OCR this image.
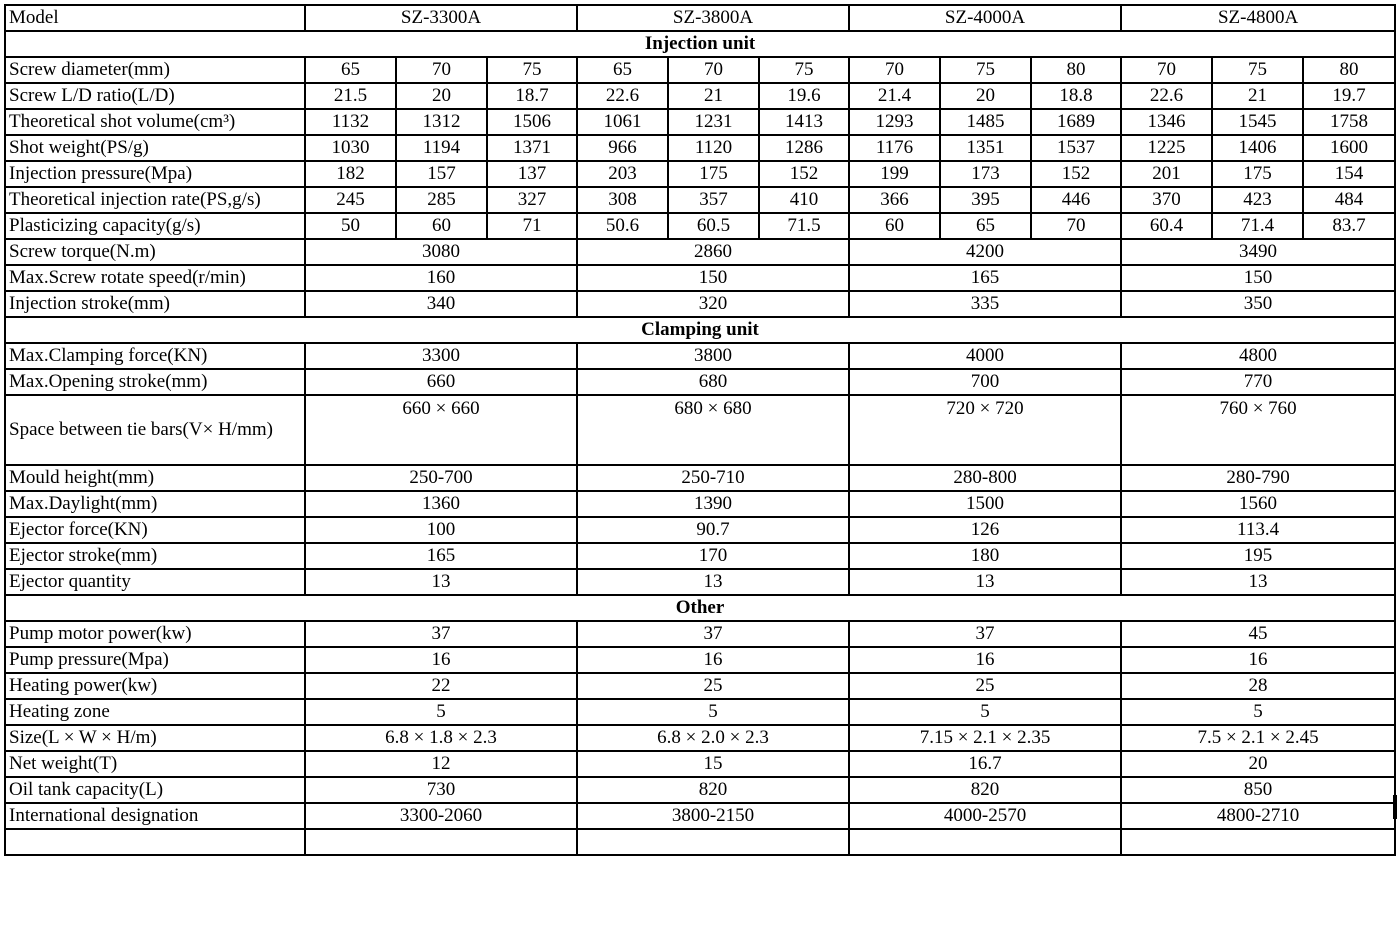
Model	SZ-3300A			SZ-3800A			SZ-4000A			SZ-4800A		
Injection unit												
Screw diameter(mm)	65	70	75	65	70	75	70	75	80	70	75	80
Screw L/D ratio(L/D)	21.5	20	18.7	22.6	21	19.6	21.4	20	18.8	22.6	21	19.7
Theoretical shot volume(cm³)	1132	1312	1506	1061	1231	1413	1293	1485	1689	1346	1545	1758
Shot weight(PS/g)	1030	1194	1371	966	1120	1286	1176	1351	1537	1225	1406	1600
Injection pressure(Mpa)	182	157	137	203	175	152	199	173	152	201	175	154
Theoretical injection rate(PS,g/s)	245	285	327	308	357	410	366	395	446	370	423	484
Plasticizing capacity(g/s)	50	60	71	50.6	60.5	71.5	60	65	70	60.4	71.4	83.7
Screw torque(N.m)	3080			2860			4200			3490		
Max.Screw rotate speed(r/min)	160			150			165			150		
Injection stroke(mm)	340			320			335			350		
Clamping unit												
Max.Clamping force(KN)	3300			3800			4000			4800		
Max.Opening stroke(mm)	660			680			700			770		
Space between tie bars(V× H/mm)	660 × 660			680 × 680			720 × 720			760 × 760		
Mould height(mm)	250-700			250-710			280-800			280-790		
Max.Daylight(mm)	1360			1390			1500			1560		
Ejector force(KN)	100			90.7			126			113.4		
Ejector stroke(mm)	165			170			180			195		
Ejector quantity	13			13			13			13		
Other												
Pump motor power(kw)	37			37			37			45		
Pump pressure(Mpa)	16			16			16			16		
Heating power(kw)	22			25			25			28		
Heating zone	5			5			5			5		
Size(L × W × H/m)	6.8 × 1.8 × 2.3			6.8 × 2.0 × 2.3			7.15 × 2.1 × 2.35			7.5 × 2.1 × 2.45		
Net weight(T)	12			15			16.7			20		
Oil tank capacity(L)	730			820			820			850		
International designation	3300-2060			3800-2150			4000-2570			4800-2710		
